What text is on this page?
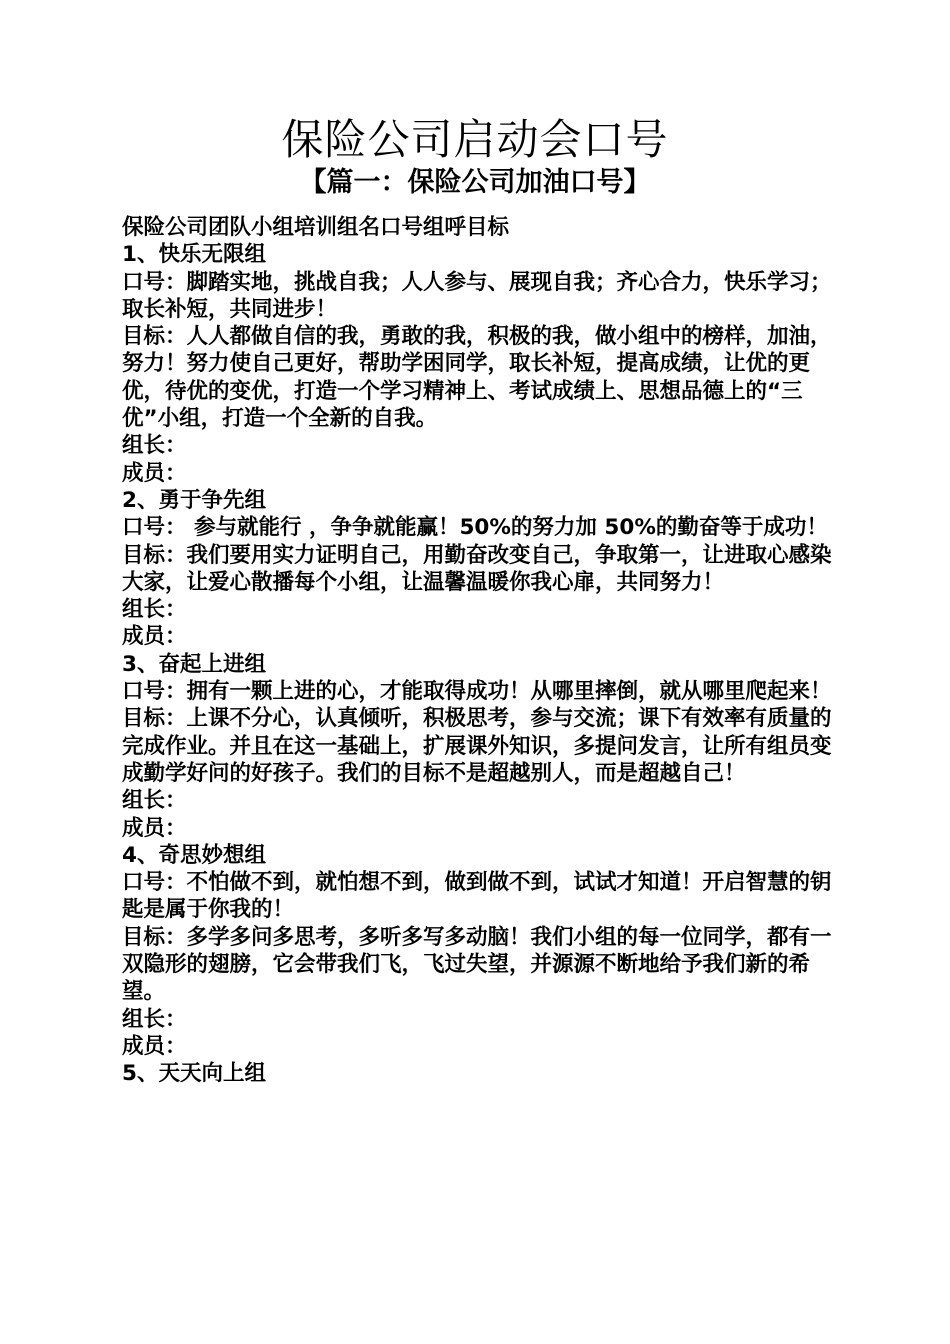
保险公司启动会口号
【篇一：保险公司加油口号】

保险公司团队小组培训组名口号组呼目标

1、快乐无限组

口号：脚踏实地，挑战自我；人人参与、展现自我；齐心合力，快乐学习；取长补短，共同进步！

目标：人人都做自信的我，勇敢的我，积极的我，做小组中的榜样，加油，努力！努力使自己更好，帮助学困同学，取长补短，提高成绩，让优的更优，待优的变优，打造一个学习精神上、考试成绩上、思想品德上的“三优”小组，打造一个全新的自我。

组长：

成员：

2、勇于争先组

口号： 参与就能行 ，争争就能赢！50%的努力加 50%的勤奋等于成功！

目标：我们要用实力证明自己，用勤奋改变自己，争取第一，让进取心感染大家，让爱心散播每个小组，让温馨温暖你我心扉，共同努力！

组长：

成员：

3、奋起上进组

口号：拥有一颗上进的心，才能取得成功！从哪里摔倒，就从哪里爬起来！

目标：上课不分心，认真倾听，积极思考，参与交流；课下有效率有质量的完成作业。并且在这一基础上，扩展课外知识，多提问发言，让所有组员变成勤学好问的好孩子。我们的目标不是超越别人，而是超越自己！

组长：

成员：

4、奇思妙想组

口号：不怕做不到，就怕想不到，做到做不到，试试才知道！开启智慧的钥匙是属于你我的！

目标：多学多问多思考，多听多写多动脑！我们小组的每一位同学，都有一双隐形的翅膀，它会带我们飞，飞过失望，并源源不断地给予我们新的希望。

组长：

成员：

5、天天向上组
